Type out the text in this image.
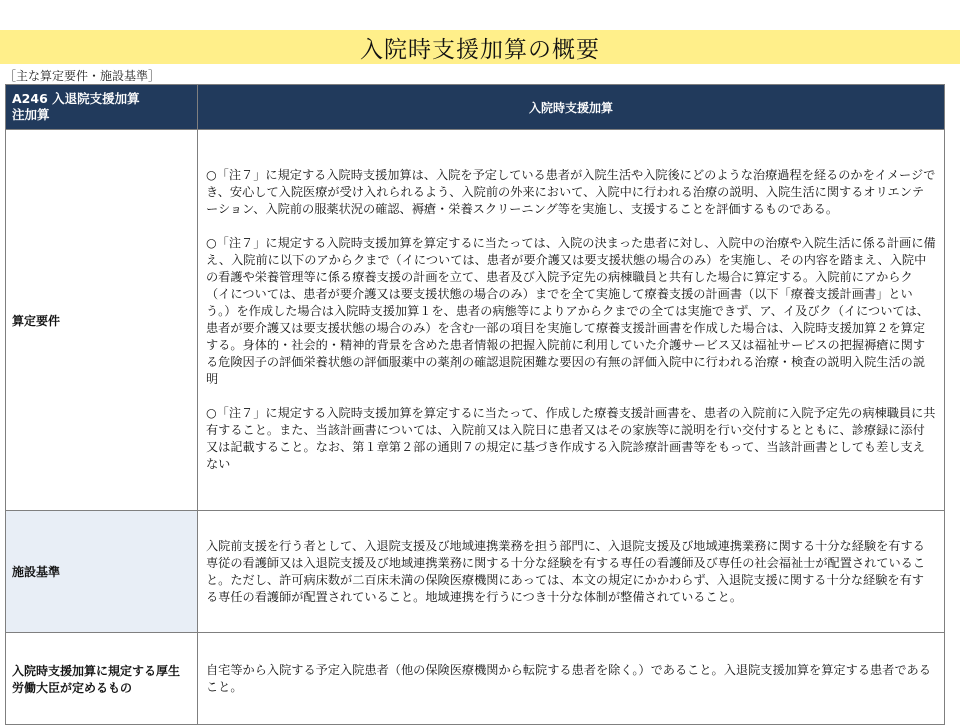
入院時支援加算の概要
［主な算定要件・施設基準］
A246 入退院支援加算
注加算	入院時支援加算
算定要件	○「注７」に規定する入院時支援加算は、入院を予定している患者が入院生活や入院後にどのような治療過程を経るのかをイメージでき、安心して入院医療が受け入れられるよう、入院前の外来において、入院中に行われる治療の説明、入院生活に関するオリエンテーション、入院前の服薬状況の確認、褥瘡・栄養スクリーニング等を実施し、支援することを評価するものである。

○「注７」に規定する入院時支援加算を算定するに当たっては、入院の決まった患者に対し、入院中の治療や入院生活に係る計画に備え、入院前に以下のアからクまで（イについては、患者が要介護又は要支援状態の場合のみ）を実施し、その内容を踏まえ、入院中の看護や栄養管理等に係る療養支援の計画を立て、患者及び入院予定先の病棟職員と共有した場合に算定する。入院前にアからク（イについては、患者が要介護又は要支援状態の場合のみ）までを全て実施して療養支援の計画書（以下「療養支援計画書」という。）を作成した場合は入院時支援加算１を、患者の病態等によりアからクまでの全ては実施できず、ア、イ及びク（イについては、患者が要介護又は要支援状態の場合のみ）を含む一部の項目を実施して療養支援計画書を作成した場合は、入院時支援加算２を算定する。身体的・社会的・精神的背景を含めた患者情報の把握入院前に利用していた介護サービス又は福祉サービスの把握褥瘡に関する危険因子の評価栄養状態の評価服薬中の薬剤の確認退院困難な要因の有無の評価入院中に行われる治療・検査の説明入院生活の説明

○「注７」に規定する入院時支援加算を算定するに当たって、作成した療養支援計画書を、患者の入院前に入院予定先の病棟職員に共有すること。また、当該計画書については、入院前又は入院日に患者又はその家族等に説明を行い交付するとともに、診療録に添付又は記載すること。なお、第１章第２部の通則７の規定に基づき作成する入院診療計画書等をもって、当該計画書としても差し支えない

施設基準	入院前支援を行う者として、入退院支援及び地域連携業務を担う部門に、入退院支援及び地域連携業務に関する十分な経験を有する専従の看護師又は入退院支援及び地域連携業務に関する十分な経験を有する専任の看護師及び専任の社会福祉士が配置されていること。ただし、許可病床数が二百床未満の保険医療機関にあっては、本文の規定にかかわらず、入退院支援に関する十分な経験を有する専任の看護師が配置されていること。地域連携を行うにつき十分な体制が整備されていること。

入院時支援加算に規定する厚生労働大臣が定めるもの	自宅等から入院する予定入院患者（他の保険医療機関から転院する患者を除く。）であること。入退院支援加算を算定する患者であること。
